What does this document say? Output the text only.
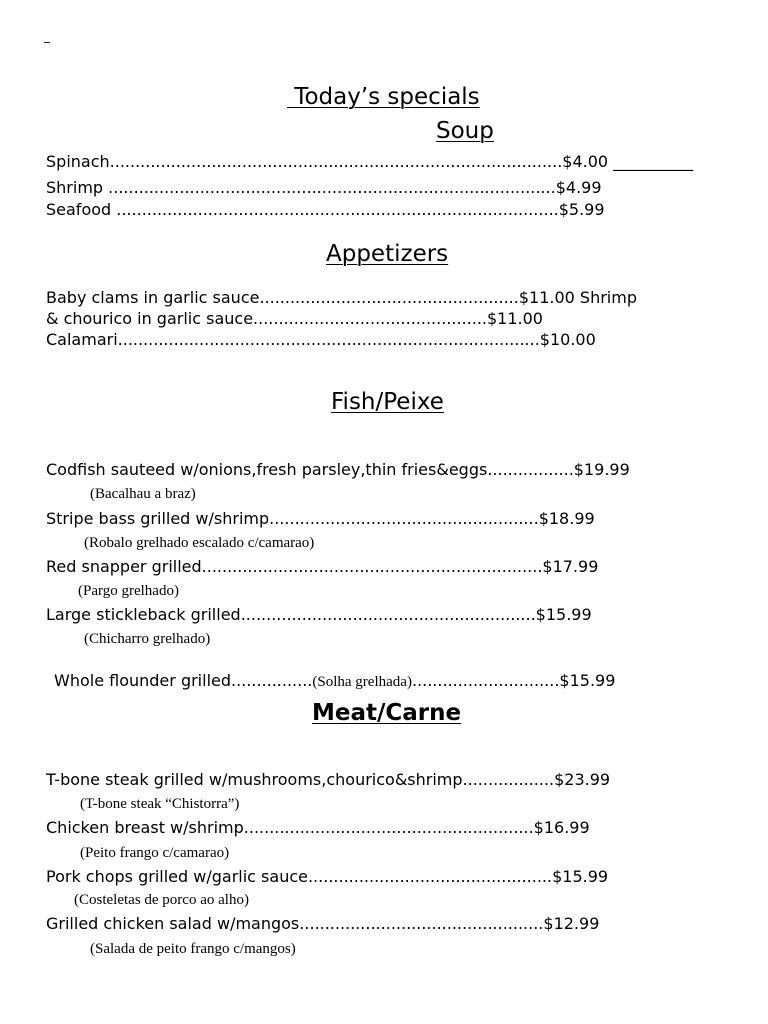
_
Today’s specials
Soup
Spinach.........................................................................................$4.00 __________
Shrimp ........................................................................................$4.99
Seafood .......................................................................................$5.99
Appetizers
Baby clams in garlic sauce...................................................$11.00 Shrimp
& chourico in garlic sauce..............................................$11.00
Calamari...................................................................................$10.00
Fish/Peixe
Codfish sauteed w/onions,fresh parsley,thin fries&eggs.................$19.99
(Bacalhau a braz)
Stripe bass grilled w/shrimp.....................................................$18.99
(Robalo grelhado escalado c/camarao)
Red snapper grilled...................................................................$17.99
(Pargo grelhado)
Large stickleback grilled..........................................................$15.99
(Chicharro grelhado)

Whole flounder grilled................(Solha grelhada).............................$15.99

Meat/Carne
T-bone steak grilled w/mushrooms,chourico&shrimp..................$23.99
(T-bone steak “Chistorra”)
Chicken breast w/shrimp.........................................................$16.99
(Peito frango c/camarao)
Pork chops grilled w/garlic sauce................................................$15.99
(Costeletas de porco ao alho)
Grilled chicken salad w/mangos................................................$12.99
(Salada de peito frango c/mangos)
